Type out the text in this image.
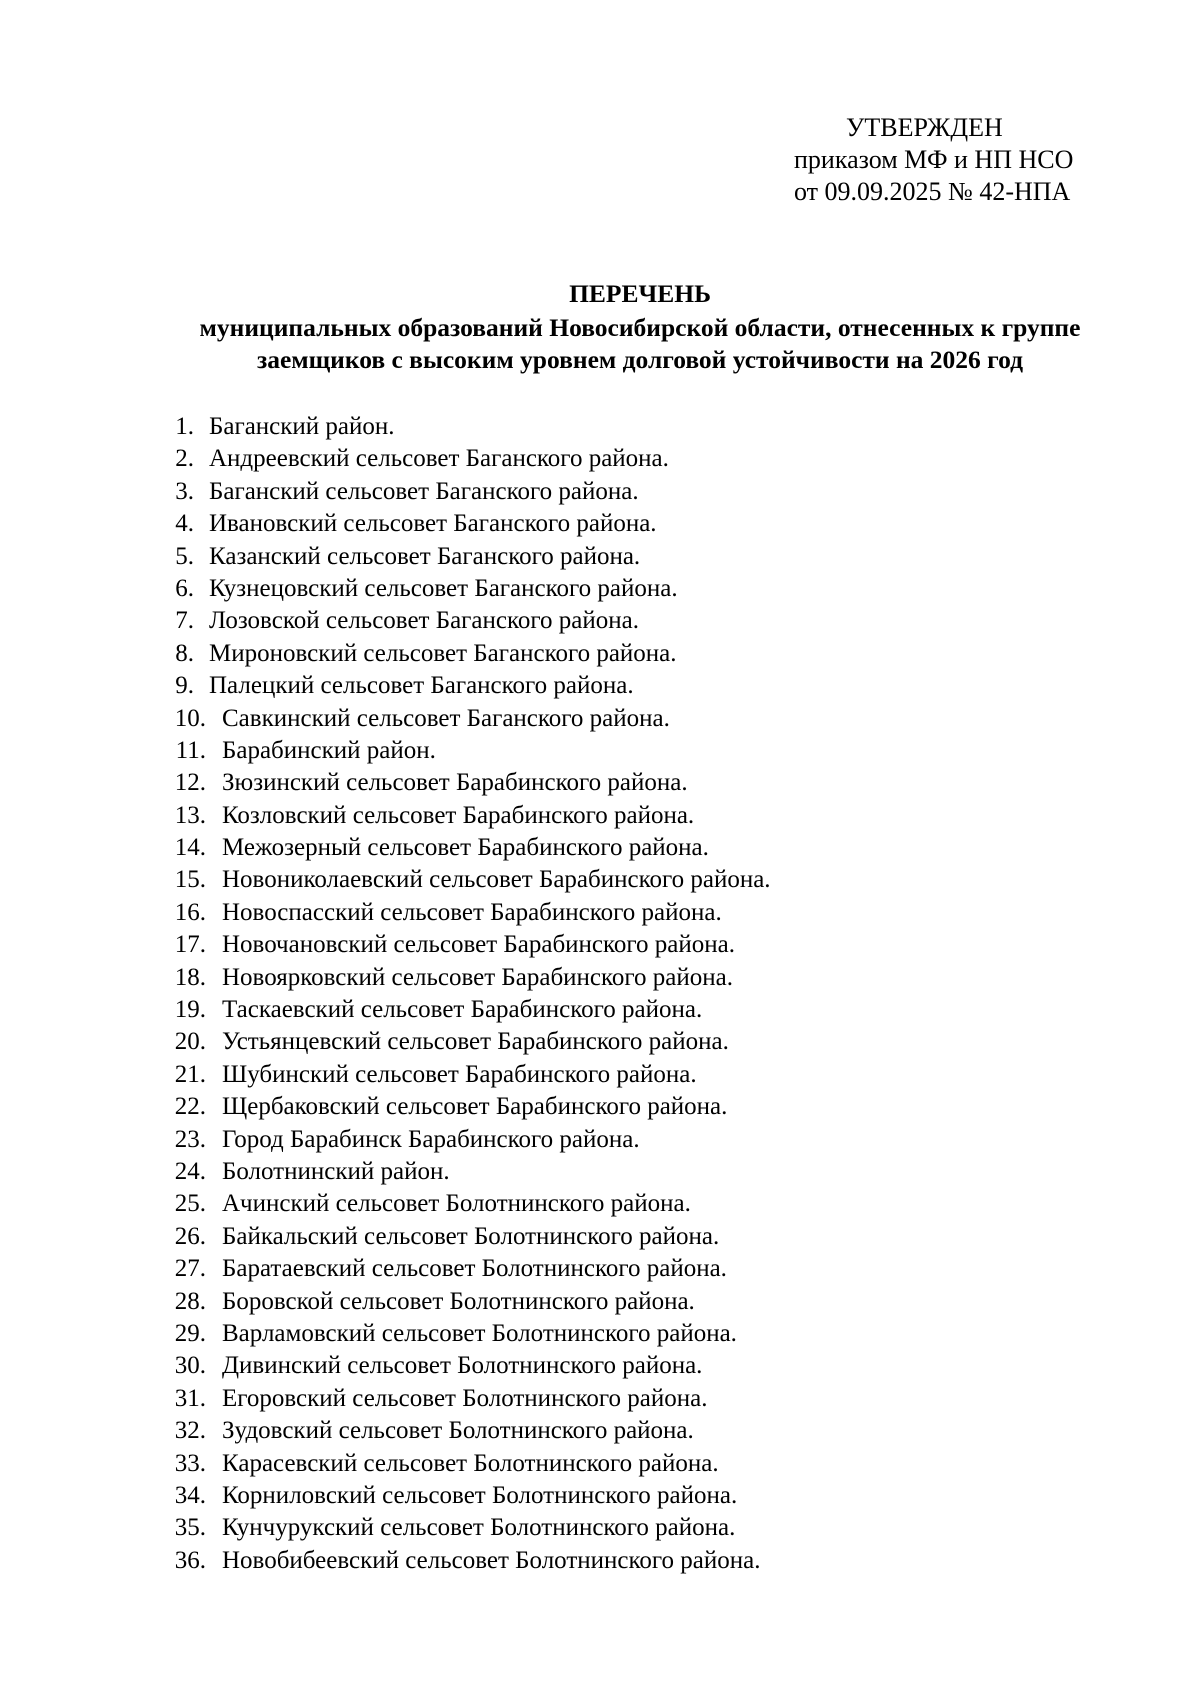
УТВЕРЖДЕН
приказом МФ и НП НСО
от 09.09.2025 № 42-НПА
ПЕРЕЧЕНЬ
муниципальных образований Новосибирской области, отнесенных к группе
заемщиков с высоким уровнем долговой устойчивости на 2026 год
1. Баганский район.
2. Андреевский сельсовет Баганского района.
3. Баганский сельсовет Баганского района.
4. Ивановский сельсовет Баганского района.
5. Казанский сельсовет Баганского района.
6. Кузнецовский сельсовет Баганского района.
7. Лозовской сельсовет Баганского района.
8. Мироновский сельсовет Баганского района.
9. Палецкий сельсовет Баганского района.
10. Савкинский сельсовет Баганского района.
11. Барабинский район.
12. Зюзинский сельсовет Барабинского района.
13. Козловский сельсовет Барабинского района.
14. Межозерный сельсовет Барабинского района.
15. Новониколаевский сельсовет Барабинского района.
16. Новоспасский сельсовет Барабинского района.
17. Новочановский сельсовет Барабинского района.
18. Новоярковский сельсовет Барабинского района.
19. Таскаевский сельсовет Барабинского района.
20. Устьянцевский сельсовет Барабинского района.
21. Шубинский сельсовет Барабинского района.
22. Щербаковский сельсовет Барабинского района.
23. Город Барабинск Барабинского района.
24. Болотнинский район.
25. Ачинский сельсовет Болотнинского района.
26. Байкальский сельсовет Болотнинского района.
27. Баратаевский сельсовет Болотнинского района.
28. Боровской сельсовет Болотнинского района.
29. Варламовский сельсовет Болотнинского района.
30. Дивинский сельсовет Болотнинского района.
31. Егоровский сельсовет Болотнинского района.
32. Зудовский сельсовет Болотнинского района.
33. Карасевский сельсовет Болотнинского района.
34. Корниловский сельсовет Болотнинского района.
35. Кунчурукский сельсовет Болотнинского района.
36. Новобибеевский сельсовет Болотнинского района.
